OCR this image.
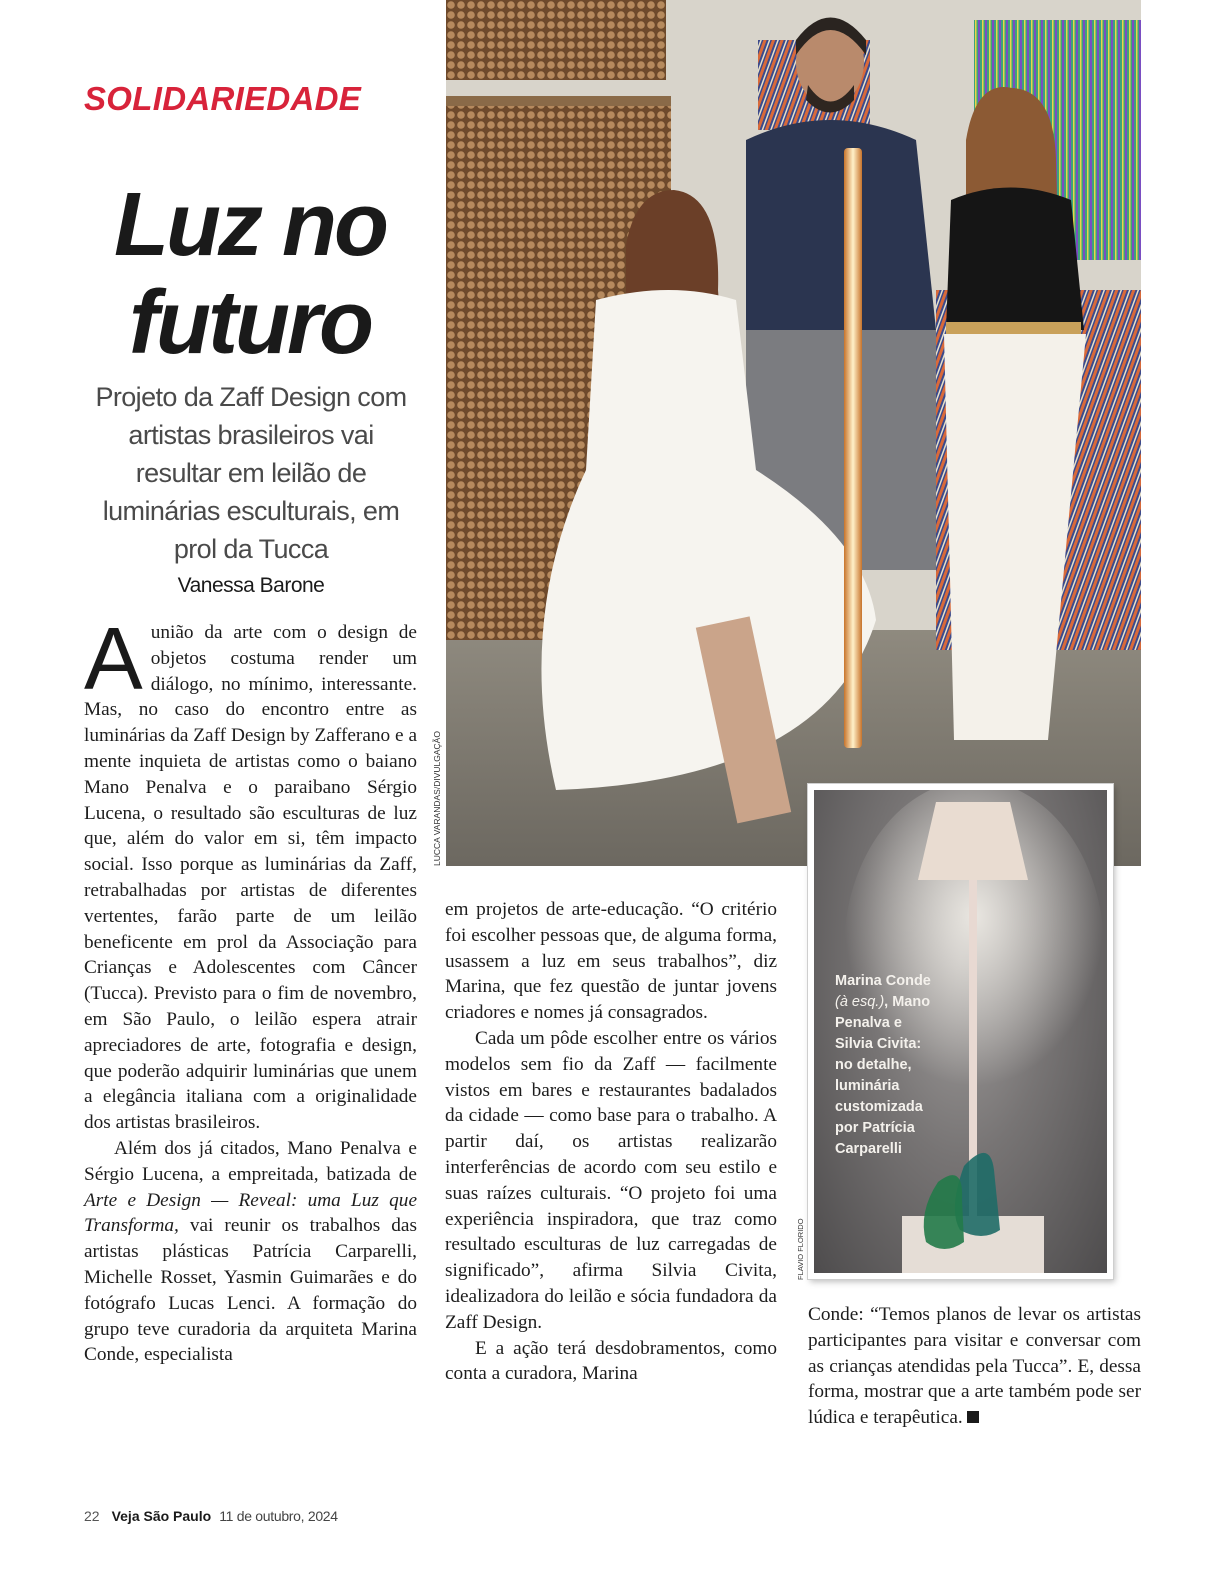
SOLIDARIEDADE
Luz no
futuro
Projeto da Zaff Design com artistas brasileiros vai resultar em leilão de luminárias esculturais, em prol da Tucca
Vanessa Barone

A união da arte com o design de objetos costuma render um diálogo, no mínimo, interessante. Mas, no caso do encontro entre as luminárias da Zaff Design by Zafferano e a mente inquieta de artistas como o baiano Mano Penalva e o paraibano Sérgio Lucena, o resultado são esculturas de luz que, além do valor em si, têm impacto social. Isso porque as luminárias da Zaff, retrabalhadas por artistas de diferentes vertentes, farão parte de um leilão beneficente em prol da Associação para Crianças e Adolescentes com Câncer (Tucca). Previsto para o fim de novembro, em São Paulo, o leilão espera atrair apreciadores de arte, fotografia e design, que poderão adquirir luminárias que unem a elegância italiana com a originalidade dos artistas brasileiros.

Além dos já citados, Mano Penalva e Sérgio Lucena, a empreitada, batizada de Arte e Design — Reveal: uma Luz que Transforma, vai reunir os trabalhos das artistas plásticas Patrícia Carparelli, Michelle Rosset, Yasmin Guimarães e do fotógrafo Lucas Lenci. A formação do grupo teve curadoria da arquiteta Marina Conde, especialista

LUCCA VARANDAS/DIVULGAÇÃO
Marina Conde (à esq.), Mano Penalva e Silvia Civita: no detalhe, luminária customizada por Patrícia Carparelli
FLAVIO FLORIDO

em projetos de arte-educação. “O critério foi escolher pessoas que, de alguma forma, usassem a luz em seus trabalhos”, diz Marina, que fez questão de juntar jovens criadores e nomes já consagrados.

Cada um pôde escolher entre os vários modelos sem fio da Zaff — facilmente vistos em bares e restaurantes badalados da cidade — como base para o trabalho. A partir daí, os artistas realizarão interferências de acordo com seu estilo e suas raízes culturais. “O projeto foi uma experiência inspiradora, que traz como resultado esculturas de luz carregadas de significado”, afirma Silvia Civita, idealizadora do leilão e sócia fundadora da Zaff Design.

E a ação terá desdobramentos, como conta a curadora, Marina

Conde: “Temos planos de levar os artistas participantes para visitar e conversar com as crianças atendidas pela Tucca”. E, dessa forma, mostrar que a arte também pode ser lúdica e terapêutica.

22 Veja São Paulo 11 de outubro, 2024
